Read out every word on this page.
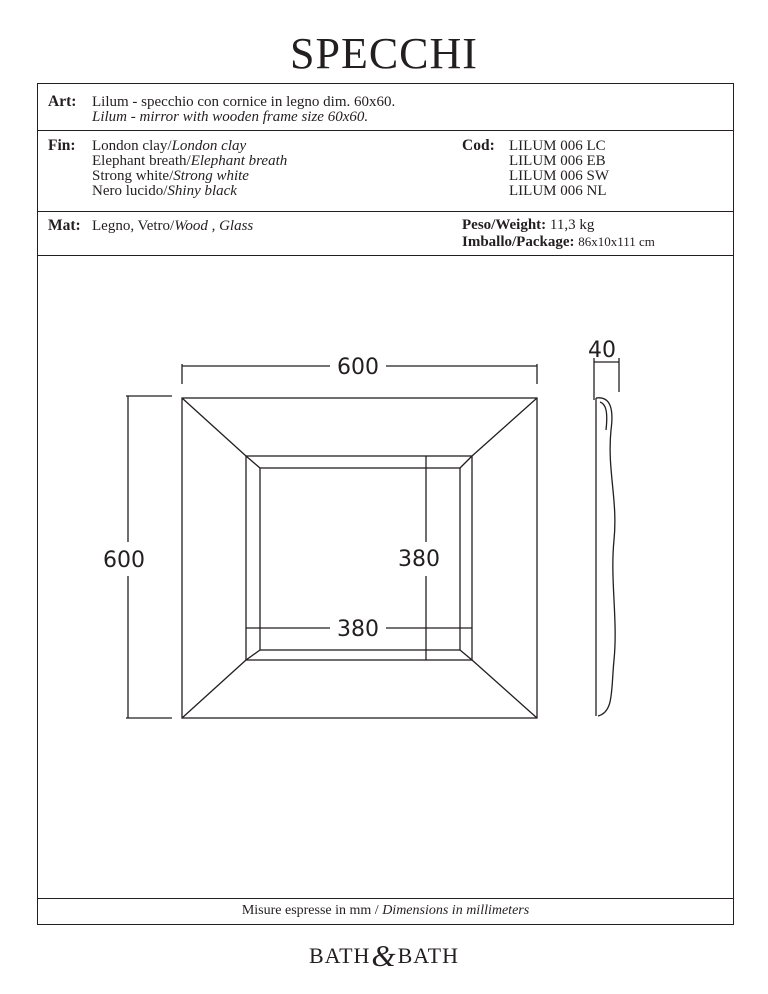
SPECCHI
Art: Lilum - specchio con cornice in legno dim. 60x60.
Lilum - mirror with wooden frame size 60x60.
Fin: London clay/London clay
Elephant breath/Elephant breath
Strong white/Strong white
Nero lucido/Shiny black
Cod: LILUM 006 LC
LILUM 006 EB
LILUM 006 SW
LILUM 006 NL
Mat: Legno, Vetro/Wood , Glass	Peso/Weight: 11,3 kg
Imballo/Package: 86x10x111 cm
Misure espresse in mm / Dimensions in millimeters
600
600	380
380
40
BATH&BATH
